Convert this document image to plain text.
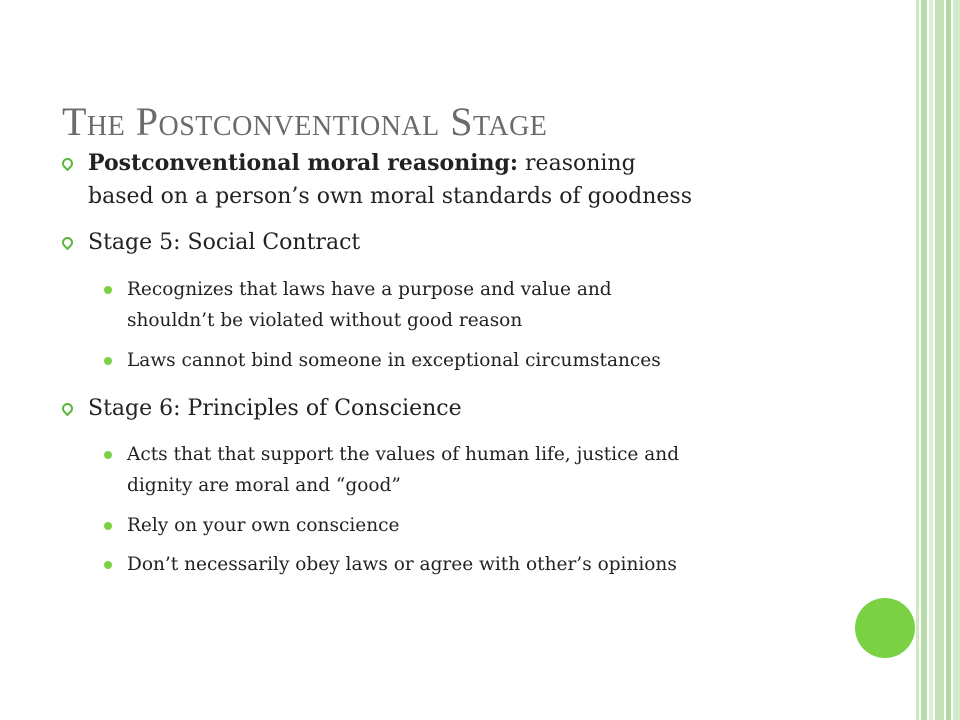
The Postconventional Stage
Postconventional moral reasoning: reasoning
based on a person’s own moral standards of goodness
Stage 5: Social Contract
Recognizes that laws have a purpose and value and
shouldn’t be violated without good reason
Laws cannot bind someone in exceptional circumstances
Stage 6: Principles of Conscience
Acts that that support the values of human life, justice and
dignity are moral and “good”
Rely on your own conscience
Don’t necessarily obey laws or agree with other’s opinions
